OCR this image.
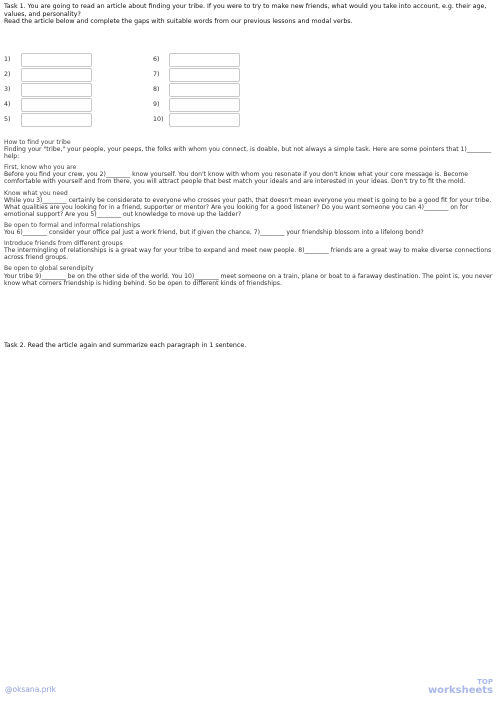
Task 1. You are going to read an article about finding your tribe. If you were to try to make new friends, what would you take into account, e.g. their age, values, and personality?

Read the article below and complete the gaps with suitable words from our previous lessons and modal verbs.

1)
2)
3)
4)
5)
6)
7)
8)
9)
10)

How to find your tribe

Finding your "tribe," your people, your peeps, the folks with whom you connect, is doable, but not always a simple task. Here are some pointers that 1)________ help:

First, know who you are

Before you find your crew, you 2)________ know yourself. You don't know with whom you resonate if you don't know what your core message is. Become comfortable with yourself and from there, you will attract people that best match your ideals and are interested in your ideas. Don't try to fit the mold.

Know what you need

While you 3)________ certainly be considerate to everyone who crosses your path, that doesn't mean everyone you meet is going to be a good fit for your tribe. What qualities are you looking for in a friend, supporter or mentor? Are you looking for a good listener? Do you want someone you can 4)________ on for emotional support? Are you 5)________ out knowledge to move up the ladder?

Be open to formal and informal relationships

You 6)________ consider your office pal just a work friend, but if given the chance, 7)________ your friendship blossom into a lifelong bond?

Introduce friends from different groups

The intermingling of relationships is a great way for your tribe to expand and meet new people. 8)________ friends are a great way to make diverse connections across friend groups.

Be open to global serendipity

Your tribe 9)________ be on the other side of the world. You 10)________ meet someone on a train, plane or boat to a faraway destination. The point is, you never know what corners friendship is hiding behind. So be open to different kinds of friendships.

Task 2. Read the article again and summarize each paragraph in 1 sentence.
@oksana.prik
TOP
worksheets
